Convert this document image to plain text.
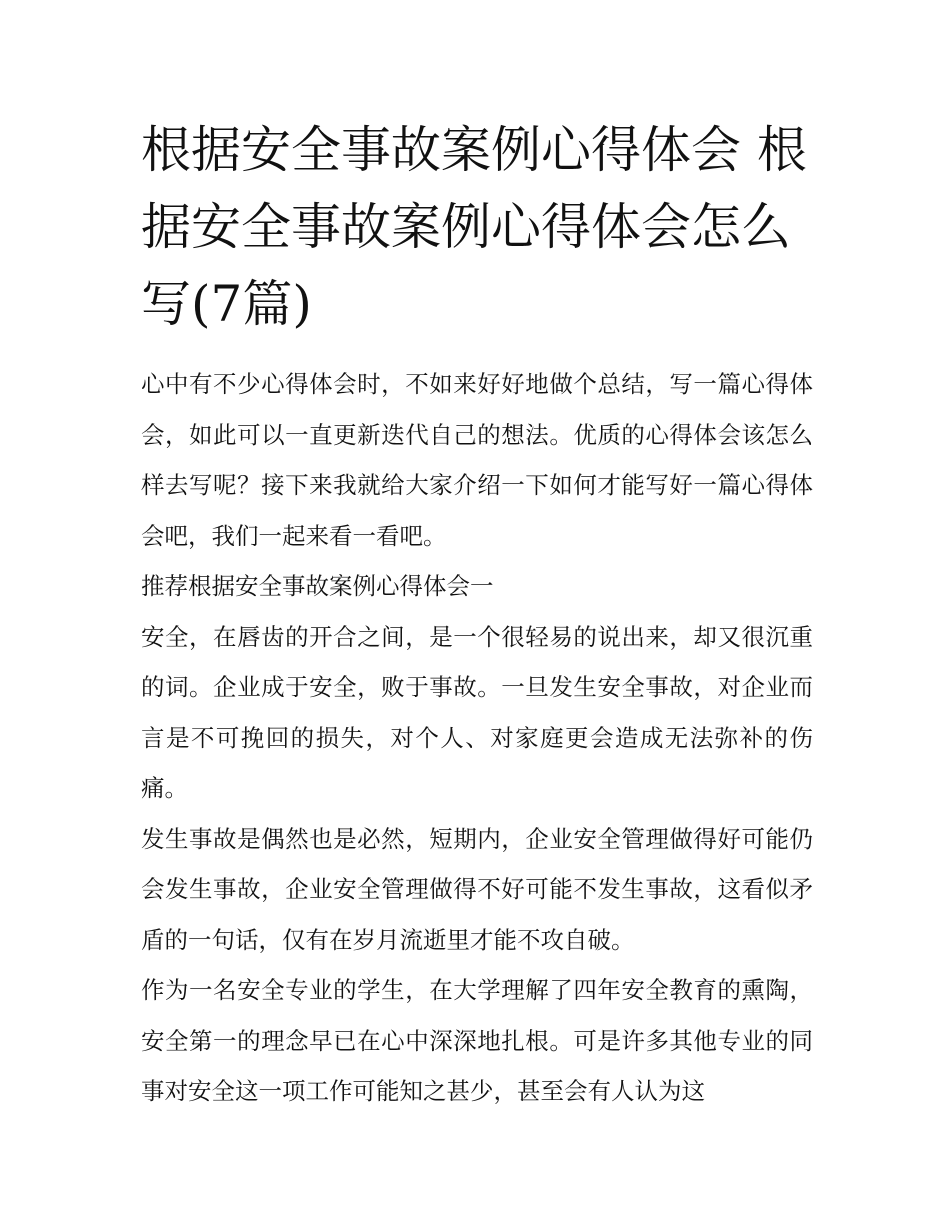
根据安全事故案例心得体会 根据安全事故案例心得体会怎么写(7篇)

心中有不少心得体会时，不如来好好地做个总结，写一篇心得体会，如此可以一直更新迭代自己的想法。优质的心得体会该怎么样去写呢？接下来我就给大家介绍一下如何才能写好一篇心得体会吧，我们一起来看一看吧。

推荐根据安全事故案例心得体会一

安全，在唇齿的开合之间，是一个很轻易的说出来，却又很沉重的词。企业成于安全，败于事故。一旦发生安全事故，对企业而言是不可挽回的损失，对个人、对家庭更会造成无法弥补的伤痛。

发生事故是偶然也是必然，短期内，企业安全管理做得好可能仍会发生事故，企业安全管理做得不好可能不发生事故，这看似矛盾的一句话，仅有在岁月流逝里才能不攻自破。

作为一名安全专业的学生，在大学理解了四年安全教育的熏陶，安全第一的理念早已在心中深深地扎根。可是许多其他专业的同事对安全这一项工作可能知之甚少，甚至会有人认为这
